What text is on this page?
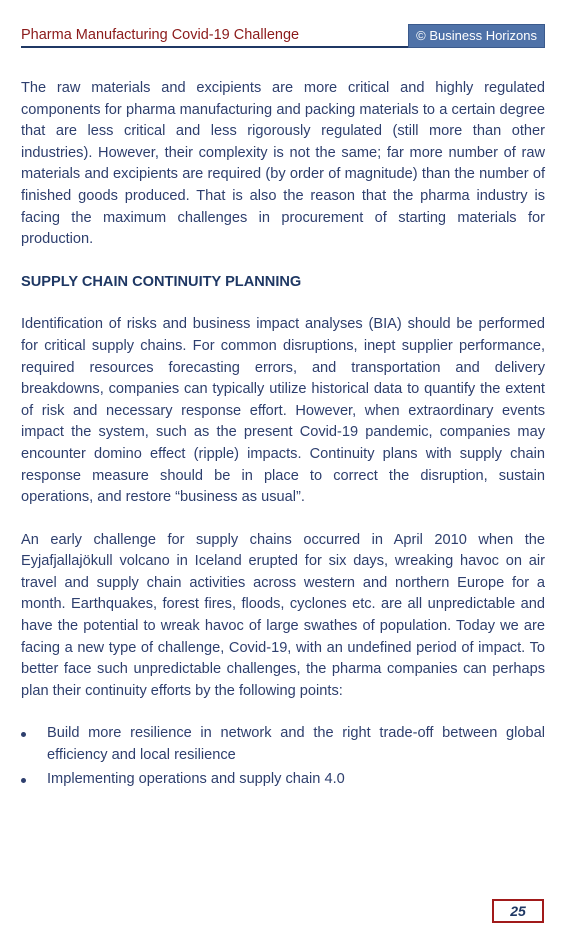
Pharma Manufacturing Covid-19 Challenge	© Business Horizons

The raw materials and excipients are more critical and highly regulated components for pharma manufacturing and packing materials to a certain degree that are less critical and less rigorously regulated (still more than other industries). However, their complexity is not the same; far more number of raw materials and excipients are required (by order of magnitude) than the number of finished goods produced. That is also the reason that the pharma industry is facing the maximum challenges in procurement of starting materials for production.

SUPPLY CHAIN CONTINUITY PLANNING

Identification of risks and business impact analyses (BIA) should be performed for critical supply chains. For common disruptions, inept supplier performance, required resources forecasting errors, and transportation and delivery breakdowns, companies can typically utilize historical data to quantify the extent of risk and necessary response effort. However, when extraordinary events impact the system, such as the present Covid-19 pandemic, companies may encounter domino effect (ripple) impacts. Continuity plans with supply chain response measure should be in place to correct the disruption, sustain operations, and restore “business as usual”.

An early challenge for supply chains occurred in April 2010 when the Eyjafjallajökull volcano in Iceland erupted for six days, wreaking havoc on air travel and supply chain activities across western and northern Europe for a month. Earthquakes, forest fires, floods, cyclones etc. are all unpredictable and have the potential to wreak havoc of large swathes of population. Today we are facing a new type of challenge, Covid-19, with an undefined period of impact. To better face such unpredictable challenges, the pharma companies can perhaps plan their continuity efforts by the following points:

Build more resilience in network and the right trade-off between global efficiency and local resilience
Implementing operations and supply chain 4.0
25
